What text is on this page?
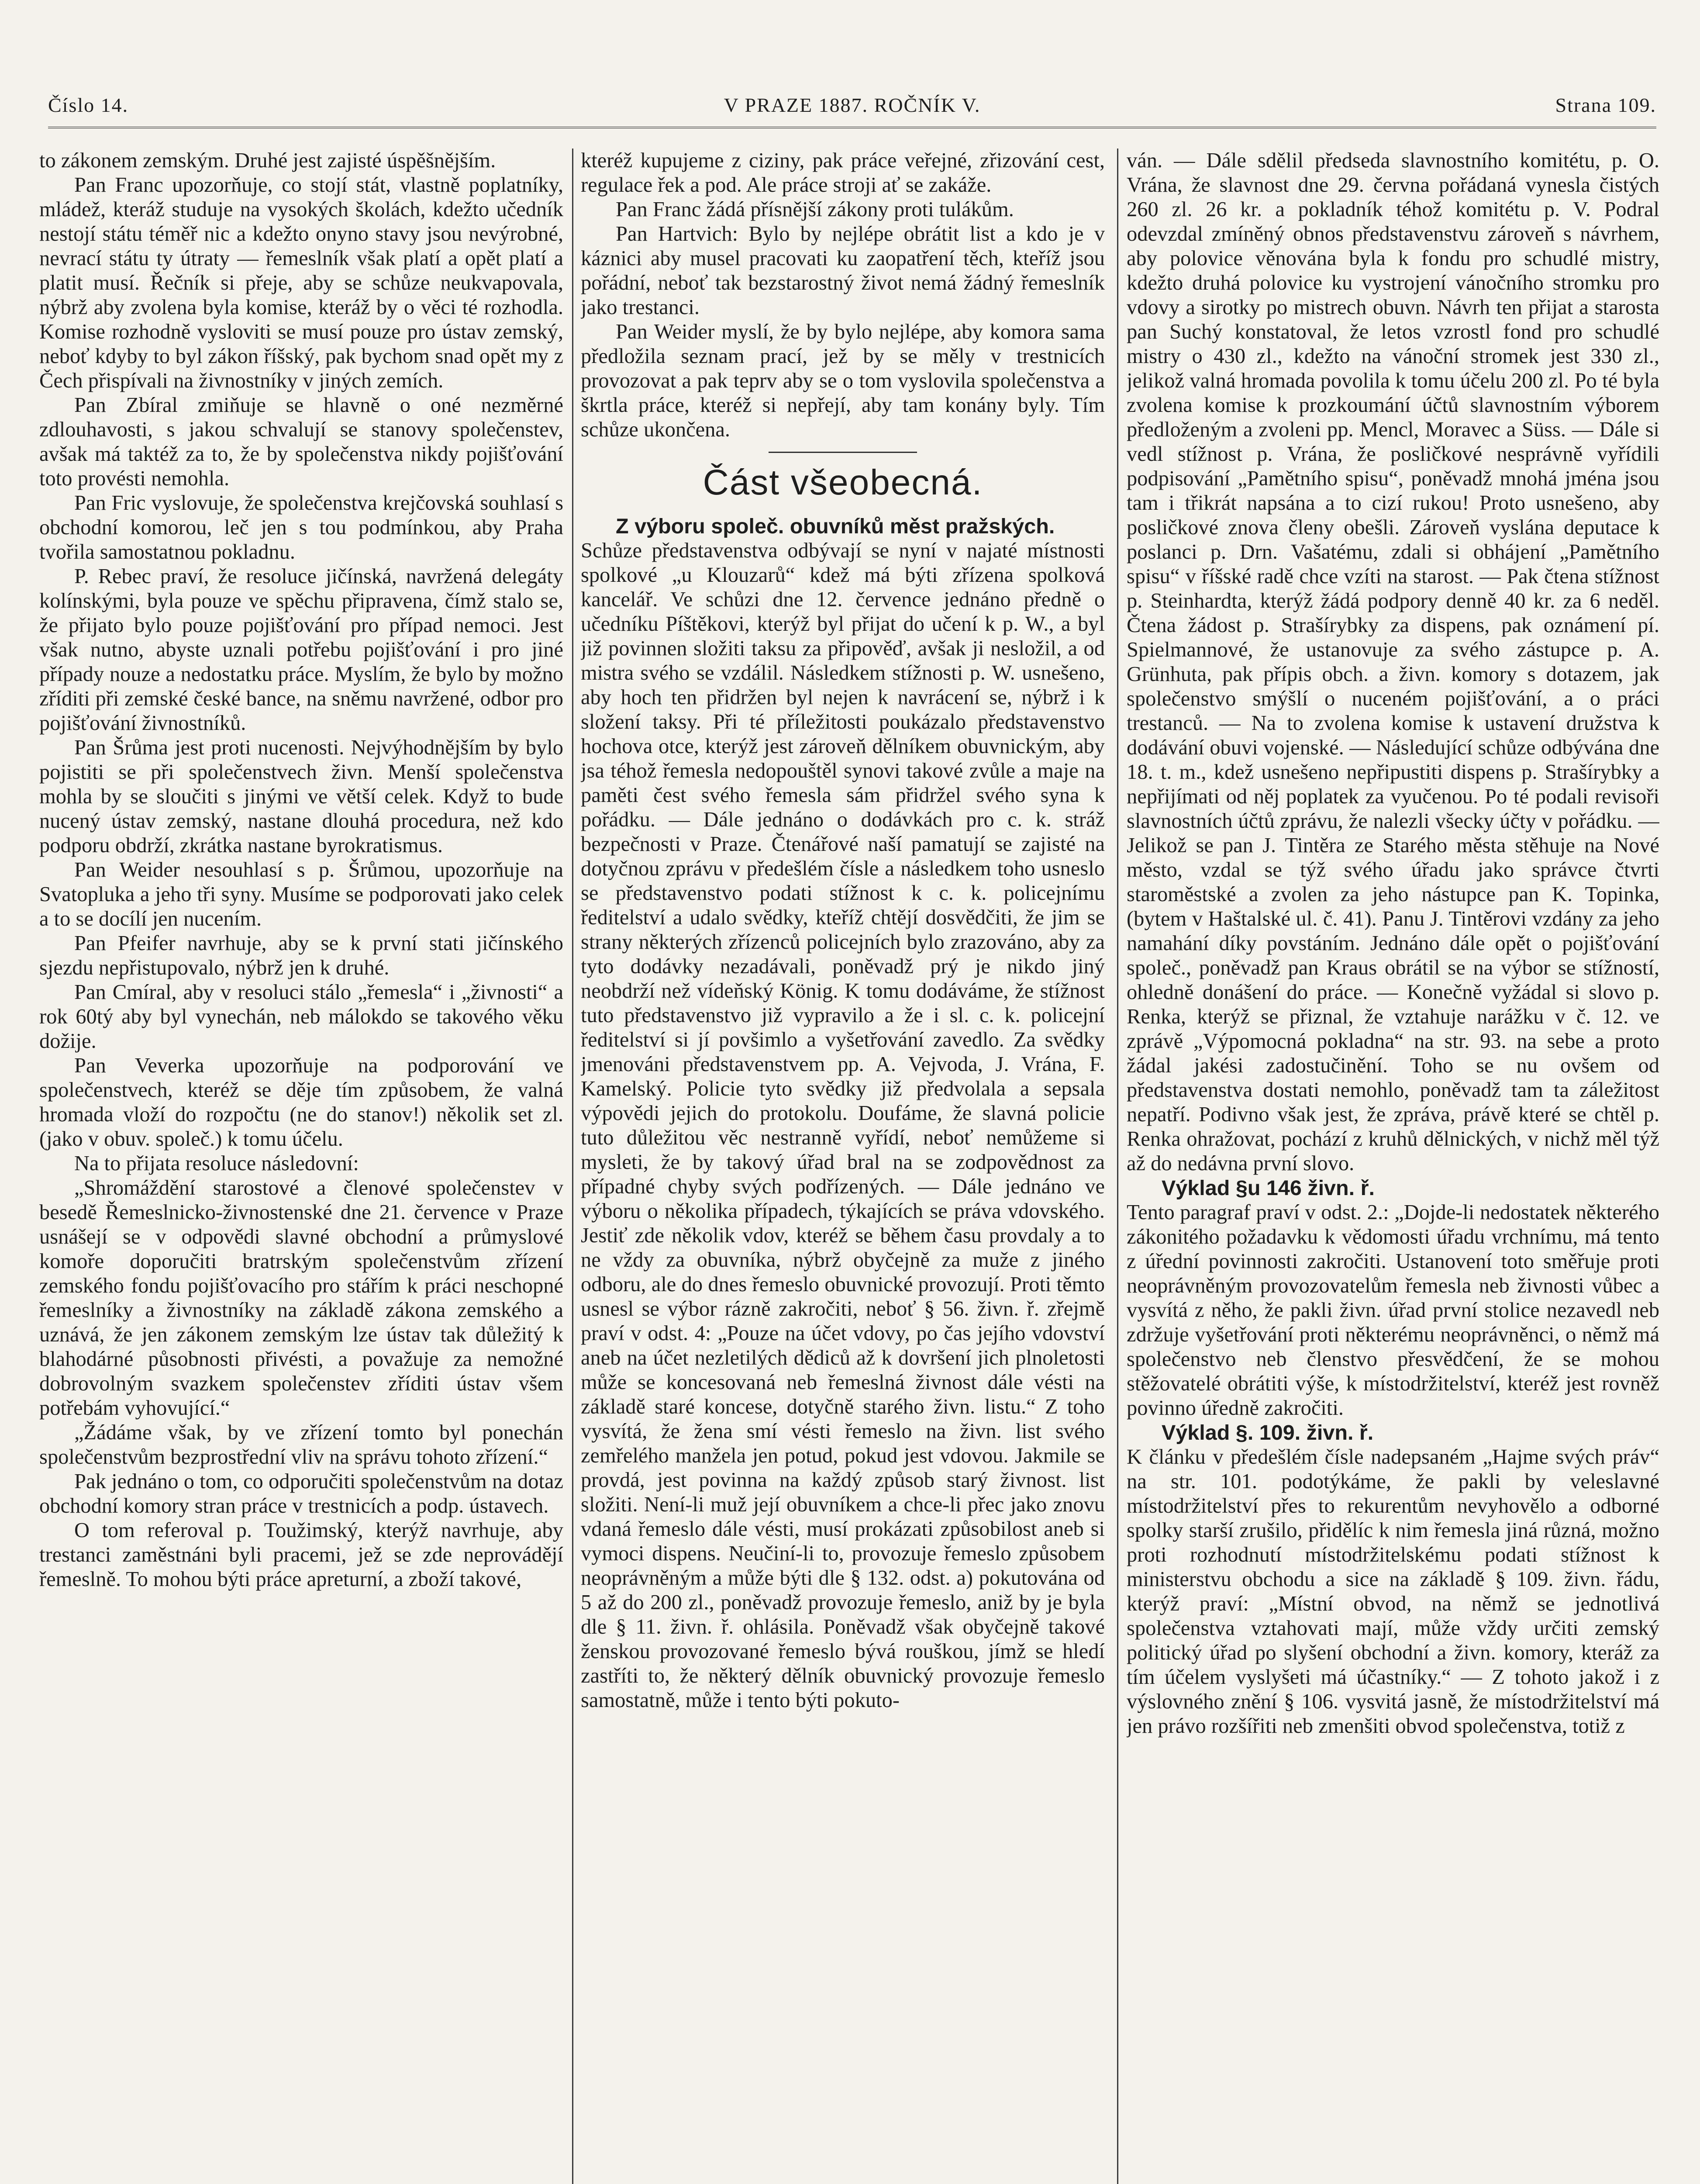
Číslo 14.	V PRAZE 1887. ROČNÍK V.	Strana 109.

to zákonem zemským. Druhé jest zajisté úspěšnějším.

Pan Franc upozorňuje, co stojí stát, vlastně poplatníky, mládež, kteráž studuje na vysokých školách, kdežto učedník nestojí státu téměř nic a kdežto onyno stavy jsou nevýrobné, nevrací státu ty útraty — řemeslník však platí a opět platí a platit musí. Řečník si přeje, aby se schůze neukvapovala, nýbrž aby zvolena byla komise, kteráž by o věci té rozhodla. Komise rozhodně vysloviti se musí pouze pro ústav zemský, neboť kdyby to byl zákon říšský, pak bychom snad opět my z Čech přispívali na živnostníky v jiných zemích.

Pan Zbíral zmiňuje se hlavně o oné nezměrné zdlouhavosti, s jakou schvalují se stanovy společenstev, avšak má taktéž za to, že by společenstva nikdy pojišťování toto provésti nemohla.

Pan Fric vyslovuje, že společenstva krejčovská souhlasí s obchodní komorou, leč jen s tou podmínkou, aby Praha tvořila samostatnou pokladnu.

P. Rebec praví, že resoluce jičínská, navržená delegáty kolínskými, byla pouze ve spěchu připravena, čímž stalo se, že přijato bylo pouze pojišťování pro případ nemoci. Jest však nutno, abyste uznali potřebu pojišťování i pro jiné případy nouze a nedostatku práce. Myslím, že bylo by možno zříditi při zemské české bance, na sněmu navržené, odbor pro pojišťování živnostníků.

Pan Šrůma jest proti nucenosti. Nejvýhodnějším by bylo pojistiti se při společenstvech živn. Menší společenstva mohla by se sloučiti s jinými ve větší celek. Když to bude nucený ústav zemský, nastane dlouhá procedura, než kdo podporu obdrží, zkrátka nastane byrokratismus.

Pan Weider nesouhlasí s p. Šrůmou, upozorňuje na Svatopluka a jeho tři syny. Musíme se podporovati jako celek a to se docílí jen nucením.

Pan Pfeifer navrhuje, aby se k první stati jičínského sjezdu nepřistupovalo, nýbrž jen k druhé.

Pan Cmíral, aby v resoluci stálo „řemesla“ i „živnosti“ a rok 60tý aby byl vynechán, neb málokdo se takového věku dožije.

Pan Veverka upozorňuje na podporování ve společenstvech, kteréž se děje tím způsobem, že valná hromada vloží do rozpočtu (ne do stanov!) několik set zl. (jako v obuv. společ.) k tomu účelu.

Na to přijata resoluce následovní:

„Shromáždění starostové a členové společenstev v besedě Řemeslnicko-živnostenské dne 21. července v Praze usnášejí se v odpovědi slavné obchodní a průmyslové komoře doporučiti bratrským společenstvům zřízení zemského fondu pojišťovacího pro stářím k práci neschopné řemeslníky a živnostníky na základě zákona zemského a uznává, že jen zákonem zemským lze ústav tak důležitý k blahodárné působnosti přivésti, a považuje za nemožné dobrovolným svazkem společenstev zříditi ústav všem potřebám vyhovující.“

„Žádáme však, by ve zřízení tomto byl ponechán společenstvům bezprostřední vliv na správu tohoto zřízení.“

Pak jednáno o tom, co odporučiti společenstvům na dotaz obchodní komory stran práce v trestnicích a podp. ústavech.

O tom referoval p. Toužimský, kterýž navrhuje, aby trestanci zaměstnáni byli pracemi, jež se zde neprovádějí řemeslně. To mohou býti práce apreturní, a zboží takové,

kteréž kupujeme z ciziny, pak práce veřejné, zřizování cest, regulace řek a pod. Ale práce stroji ať se zakáže.

Pan Franc žádá přísnější zákony proti tulákům.

Pan Hartvich: Bylo by nejlépe obrátit list a kdo je v káznici aby musel pracovati ku zaopatření těch, kteříž jsou pořádní, neboť tak bezstarostný život nemá žádný řemeslník jako trestanci.

Pan Weider myslí, že by bylo nejlépe, aby komora sama předložila seznam prací, jež by se měly v trestnicích provozovat a pak teprv aby se o tom vyslovila společenstva a škrtla práce, kteréž si nepřejí, aby tam konány byly. Tím schůze ukončena.

Část všeobecná.

Z výboru společ. obuvníků měst pražských.

Schůze představenstva odbývají se nyní v najaté místnosti spolkové „u Klouzarů“ kdež má býti zřízena spolková kancelář. Ve schůzi dne 12. července jednáno předně o učedníku Píštěkovi, kterýž byl přijat do učení k p. W., a byl již povinnen složiti taksu za připověď, avšak ji nesložil, a od mistra svého se vzdálil. Následkem stížnosti p. W. usnešeno, aby hoch ten přidržen byl nejen k navrácení se, nýbrž i k složení taksy. Při té příležitosti poukázalo představenstvo hochova otce, kterýž jest zároveň dělníkem obuvnickým, aby jsa téhož řemesla nedopouštěl synovi takové zvůle a maje na paměti čest svého řemesla sám přidržel svého syna k pořádku. — Dále jednáno o dodávkách pro c. k. stráž bezpečnosti v Praze. Čtenářové naší pamatují se zajisté na dotyčnou zprávu v předešlém čísle a následkem toho usneslo se představenstvo podati stížnost k c. k. policejnímu ředitelství a udalo svědky, kteříž chtějí dosvědčiti, že jim se strany některých zřízenců policejních bylo zrazováno, aby za tyto dodávky nezadávali, poněvadž prý je nikdo jiný neobdrží než vídeňský König. K tomu dodáváme, že stížnost tuto představenstvo již vypravilo a že i sl. c. k. policejní ředitelství si jí povšimlo a vyšetřování zavedlo. Za svědky jmenováni představenstvem pp. A. Vejvoda, J. Vrána, F. Kamelský. Policie tyto svědky již předvolala a sepsala výpovědi jejich do protokolu. Doufáme, že slavná policie tuto důležitou věc nestranně vyřídí, neboť nemůžeme si mysleti, že by takový úřad bral na se zodpovědnost za případné chyby svých podřízených. — Dále jednáno ve výboru o několika případech, týkajících se práva vdovského. Jestiť zde několik vdov, kteréž se během času provdaly a to ne vždy za obuvníka, nýbrž obyčejně za muže z jiného odboru, ale do dnes řemeslo obuvnické provozují. Proti těmto usnesl se výbor rázně zakročiti, neboť § 56. živn. ř. zřejmě praví v odst. 4: „Pouze na účet vdovy, po čas jejího vdovství aneb na účet nezletilých dědiců až k dovršení jich plnoletosti může se koncesovaná neb řemeslná živnost dále vésti na základě staré koncese, dotyčně starého živn. listu.“ Z toho vysvítá, že žena smí vésti řemeslo na živn. list svého zemřelého manžela jen potud, pokud jest vdovou. Jakmile se provdá, jest povinna na každý způsob starý živnost. list složiti. Není-li muž její obuvníkem a chce-li přec jako znovu vdaná řemeslo dále vésti, musí prokázati způsobilost aneb si vymoci dispens. Neučiní-li to, provozuje řemeslo způsobem neoprávněným a může býti dle § 132. odst. a) pokutována od 5 až do 200 zl., poněvadž provozuje řemeslo, aniž by je byla dle § 11. živn. ř. ohlásila. Poněvadž však obyčejně takové ženskou provozované řemeslo bývá rouškou, jímž se hledí zastříti to, že některý dělník obuvnický provozuje řemeslo samostatně, může i tento býti pokuto-

ván. — Dále sdělil předseda slavnostního komitétu, p. O. Vrána, že slavnost dne 29. června pořádaná vynesla čistých 260 zl. 26 kr. a pokladník téhož komitétu p. V. Podral odevzdal zmíněný obnos představenstvu zároveň s návrhem, aby polovice věnována byla k fondu pro schudlé mistry, kdežto druhá polovice ku vystrojení vánočního stromku pro vdovy a sirotky po mistrech obuvn. Návrh ten přijat a starosta pan Suchý konstatoval, že letos vzrostl fond pro schudlé mistry o 430 zl., kdežto na vánoční stromek jest 330 zl., jelikož valná hromada povolila k tomu účelu 200 zl. Po té byla zvolena komise k prozkoumání účtů slavnostním výborem předloženým a zvoleni pp. Mencl, Moravec a Süss. — Dále si vedl stížnost p. Vrána, že posličkové nesprávně vyřídili podpisování „Pamětního spisu“, poněvadž mnohá jména jsou tam i třikrát napsána a to cizí rukou! Proto usnešeno, aby posličkové znova členy obešli. Zároveň vyslána deputace k poslanci p. Drn. Vašatému, zdali si obhájení „Pamětního spisu“ v říšské radě chce vzíti na starost. — Pak čtena stížnost p. Steinhardta, kterýž žádá podpory denně 40 kr. za 6 neděl. Čtena žádost p. Strašírybky za dispens, pak oznámení pí. Spielmannové, že ustanovuje za svého zástupce p. A. Grünhuta, pak přípis obch. a živn. komory s dotazem, jak společenstvo smýšlí o nuceném pojišťování, a o práci trestanců. — Na to zvolena komise k ustavení družstva k dodávání obuvi vojenské. — Následující schůze odbývána dne 18. t. m., kdež usnešeno nepřipustiti dispens p. Strašírybky a nepřijímati od něj poplatek za vyučenou. Po té podali revisoři slavnostních účtů zprávu, že nalezli všecky účty v pořádku. — Jelikož se pan J. Tintěra ze Starého města stěhuje na Nové město, vzdal se týž svého úřadu jako správce čtvrti staroměstské a zvolen za jeho nástupce pan K. Topinka, (bytem v Haštalské ul. č. 41). Panu J. Tintěrovi vzdány za jeho namahání díky povstáním. Jednáno dále opět o pojišťování společ., poněvadž pan Kraus obrátil se na výbor se stížností, ohledně donášení do práce. — Konečně vyžádal si slovo p. Renka, kterýž se přiznal, že vztahuje narážku v č. 12. ve zprávě „Výpomocná pokladna“ na str. 93. na sebe a proto žádal jakési zadostučinění. Toho se nu ovšem od představenstva dostati nemohlo, poněvadž tam ta záležitost nepatří. Podivno však jest, že zpráva, právě které se chtěl p. Renka ohražovat, pochází z kruhů dělnických, v nichž měl týž až do nedávna první slovo.

Výklad §u 146 živn. ř.

Tento paragraf praví v odst. 2.: „Dojde-li nedostatek některého zákonitého požadavku k vědomosti úřadu vrchnímu, má tento z úřední povinnosti zakročiti. Ustanovení toto směřuje proti neoprávněným provozovatelům řemesla neb živnosti vůbec a vysvítá z něho, že pakli živn. úřad první stolice nezavedl neb zdržuje vyšetřování proti některému neoprávněnci, o němž má společenstvo neb členstvo přesvědčení, že se mohou stěžovatelé obrátiti výše, k místodržitelství, kteréž jest rovněž povinno úředně zakročiti.

Výklad §. 109. živn. ř.

K článku v předešlém čísle nadepsaném „Hajme svých práv“ na str. 101. podotýkáme, že pakli by veleslavné místodržitelství přes to rekurentům nevyhovělo a odborné spolky starší zrušilo, přidělíc k nim řemesla jiná různá, možno proti rozhodnutí místodržitelskému podati stížnost k ministerstvu obchodu a sice na základě § 109. živn. řádu, kterýž praví: „Místní obvod, na němž se jednotlivá společenstva vztahovati mají, může vždy určiti zemský politický úřad po slyšení obchodní a živn. komory, kteráž za tím účelem vyslyšeti má účastníky.“ — Z tohoto jakož i z výslovného znění § 106. vysvitá jasně, že místodržitelství má jen právo rozšířiti neb zmenšiti obvod společenstva, totiž z
